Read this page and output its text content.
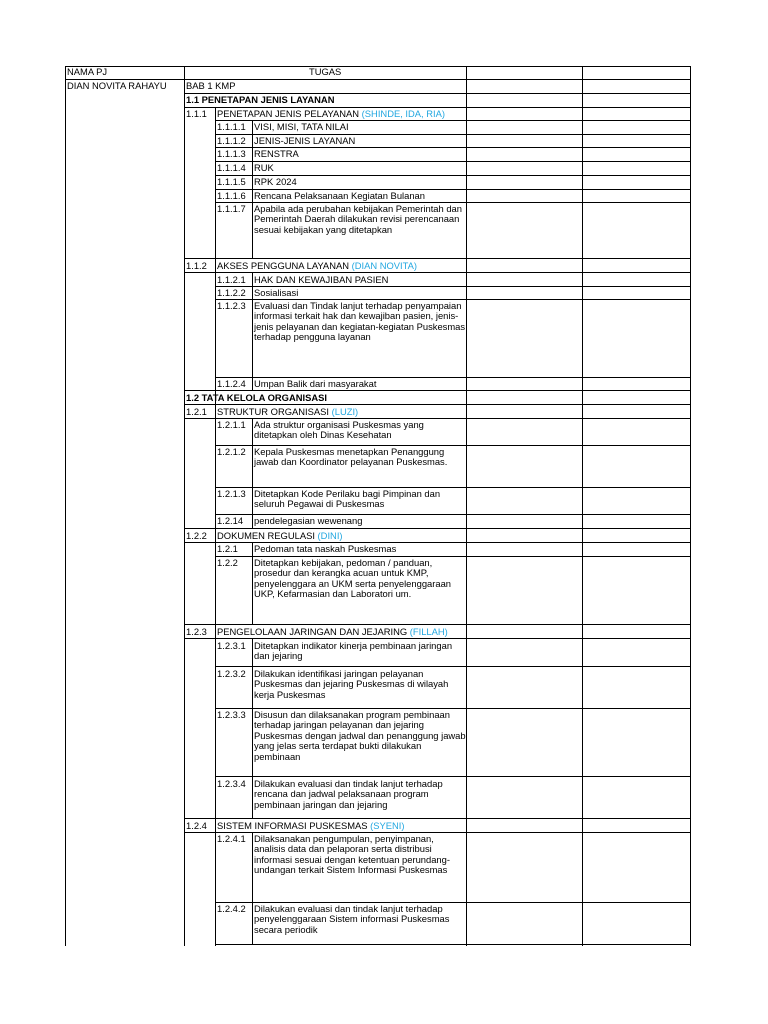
NAMA PJ	TUGAS
DIAN NOVITA RAHAYU BAB 1 KMP
1.1 PENETAPAN JENIS LAYANAN
1.1.1 PENETAPAN JENIS PELAYANAN (SHINDE, IDA, RIA)
1.1.1.1 VISI, MISI, TATA NILAI
1.1.1.2 JENIS-JENIS LAYANAN
1.1.1.3 RENSTRA
1.1.1.4 RUK
1.1.1.5 RPK 2024
1.1.1.6 Rencana Pelaksanaan Kegiatan Bulanan
1.1.1.7 Apabila ada perubahan kebijakan Pemerintah dan Pemerintah Daerah dilakukan revisi perencanaan sesuai kebijakan yang ditetapkan
1.1.2 AKSES PENGGUNA LAYANAN (DIAN NOVITA)
1.1.2.1 HAK DAN KEWAJIBAN PASIEN
1.1.2.2 Sosialisasi
1.1.2.3 Evaluasi dan Tindak lanjut terhadap penyampaian informasi terkait hak dan kewajiban pasien, jenis-jenis pelayanan dan kegiatan-kegiatan Puskesmas terhadap pengguna layanan
1.1.2.4 Umpan Balik dari masyarakat
1.2 TATA KELOLA ORGANISASI
1.2.1 STRUKTUR ORGANISASI (LUZI)
1.2.1.1 Ada struktur organisasi Puskesmas yang ditetapkan oleh Dinas Kesehatan
1.2.1.2 Kepala Puskesmas menetapkan Penanggung jawab dan Koordinator pelayanan Puskesmas.
1.2.1.3 Ditetapkan Kode Perilaku bagi Pimpinan dan seluruh Pegawai di Puskesmas
1.2.14 pendelegasian wewenang
1.2.2 DOKUMEN REGULASI (DINI)
1.2.1 Pedoman tata naskah Puskesmas
1.2.2 Ditetapkan kebijakan, pedoman / panduan, prosedur dan kerangka acuan untuk KMP, penyelenggara an UKM serta penyelenggaraan UKP, Kefarmasian dan Laboratori um.
1.2.3 PENGELOLAAN JARINGAN DAN JEJARING (FILLAH)
1.2.3.1 Ditetapkan indikator kinerja pembinaan jaringan dan jejaring
1.2.3.2 Dilakukan identifikasi jaringan pelayanan Puskesmas dan jejaring Puskesmas di wilayah kerja Puskesmas
1.2.3.3 Disusun dan dilaksanakan program pembinaan terhadap jaringan pelayanan dan jejaring Puskesmas dengan jadwal dan penanggung jawab yang jelas serta terdapat bukti dilakukan pembinaan
1.2.3.4 Dilakukan evaluasi dan tindak lanjut terhadap rencana dan jadwal pelaksanaan program pembinaan jaringan dan jejaring
1.2.4 SISTEM INFORMASI PUSKESMAS (SYENI)
1.2.4.1 Dilaksanakan pengumpulan, penyimpanan, analisis data dan pelaporan serta distribusi informasi sesuai dengan ketentuan perundang-undangan terkait Sistem Informasi Puskesmas
1.2.4.2 Dilakukan evaluasi dan tindak lanjut terhadap penyelenggaraan Sistem informasi Puskesmas secara periodik
